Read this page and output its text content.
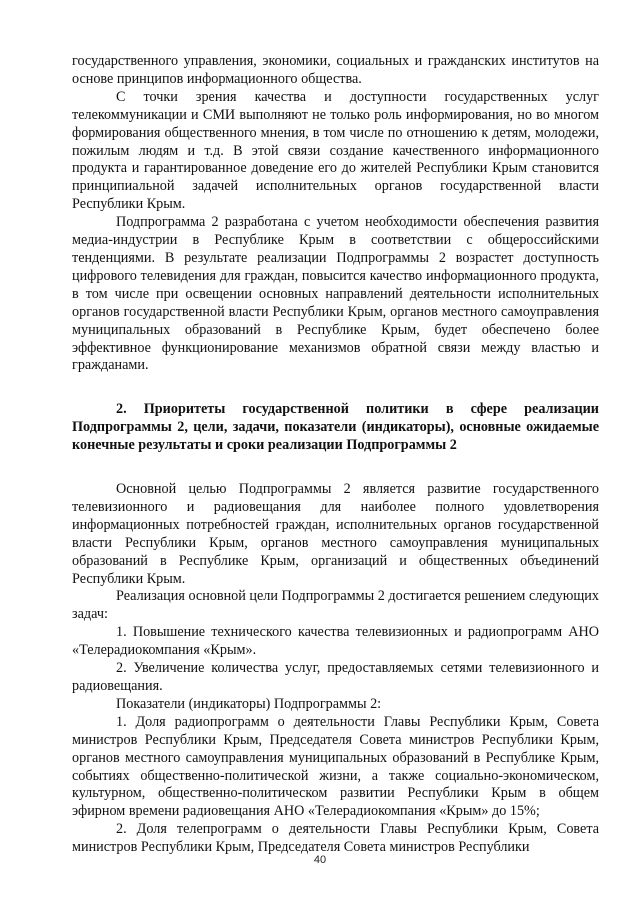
государственного управления, экономики, социальных и гражданских институтов на основе принципов информационного общества.

С точки зрения качества и доступности государственных услуг телекоммуникации и СМИ выполняют не только роль информирования, но во многом формирования общественного мнения, в том числе по отношению к детям, молодежи, пожилым людям и т.д. В этой связи создание качественного информационного продукта и гарантированное доведение его до жителей Республики Крым становится принципиальной задачей исполнительных органов государственной власти Республики Крым.

Подпрограмма 2 разработана с учетом необходимости обеспечения развития медиа-индустрии в Республике Крым в соответствии с общероссийскими тенденциями. В результате реализации Подпрограммы 2 возрастет доступность цифрового телевидения для граждан, повысится качество информационного продукта, в том числе при освещении основных направлений деятельности исполнительных органов государственной власти Республики Крым, органов местного самоуправления муниципальных образований в Республике Крым, будет обеспечено более эффективное функционирование механизмов обратной связи между властью и гражданами.

2. Приоритеты государственной политики в сфере реализации Подпрограммы 2, цели, задачи, показатели (индикаторы), основные ожидаемые конечные результаты и сроки реализации Подпрограммы 2

Основной целью Подпрограммы 2 является развитие государственного телевизионного и радиовещания для наиболее полного удовлетворения информационных потребностей граждан, исполнительных органов государственной власти Республики Крым, органов местного самоуправления муниципальных образований в Республике Крым, организаций и общественных объединений Республики Крым.

Реализация основной цели Подпрограммы 2 достигается решением следующих задач:

1. Повышение технического качества телевизионных и радиопрограмм АНО «Телерадиокомпания «Крым».

2. Увеличение количества услуг, предоставляемых сетями телевизионного и радиовещания.

Показатели (индикаторы) Подпрограммы 2:

1. Доля радиопрограмм о деятельности Главы Республики Крым, Совета министров Республики Крым, Председателя Совета министров Республики Крым, органов местного самоуправления муниципальных образований в Республике Крым, событиях общественно-политической жизни, а также социально-экономическом, культурном, общественно-политическом развитии Республики Крым в общем эфирном времени радиовещания АНО «Телерадиокомпания «Крым» до 15%;

2. Доля телепрограмм о деятельности Главы Республики Крым, Совета министров Республики Крым, Председателя Совета министров Республики

40
